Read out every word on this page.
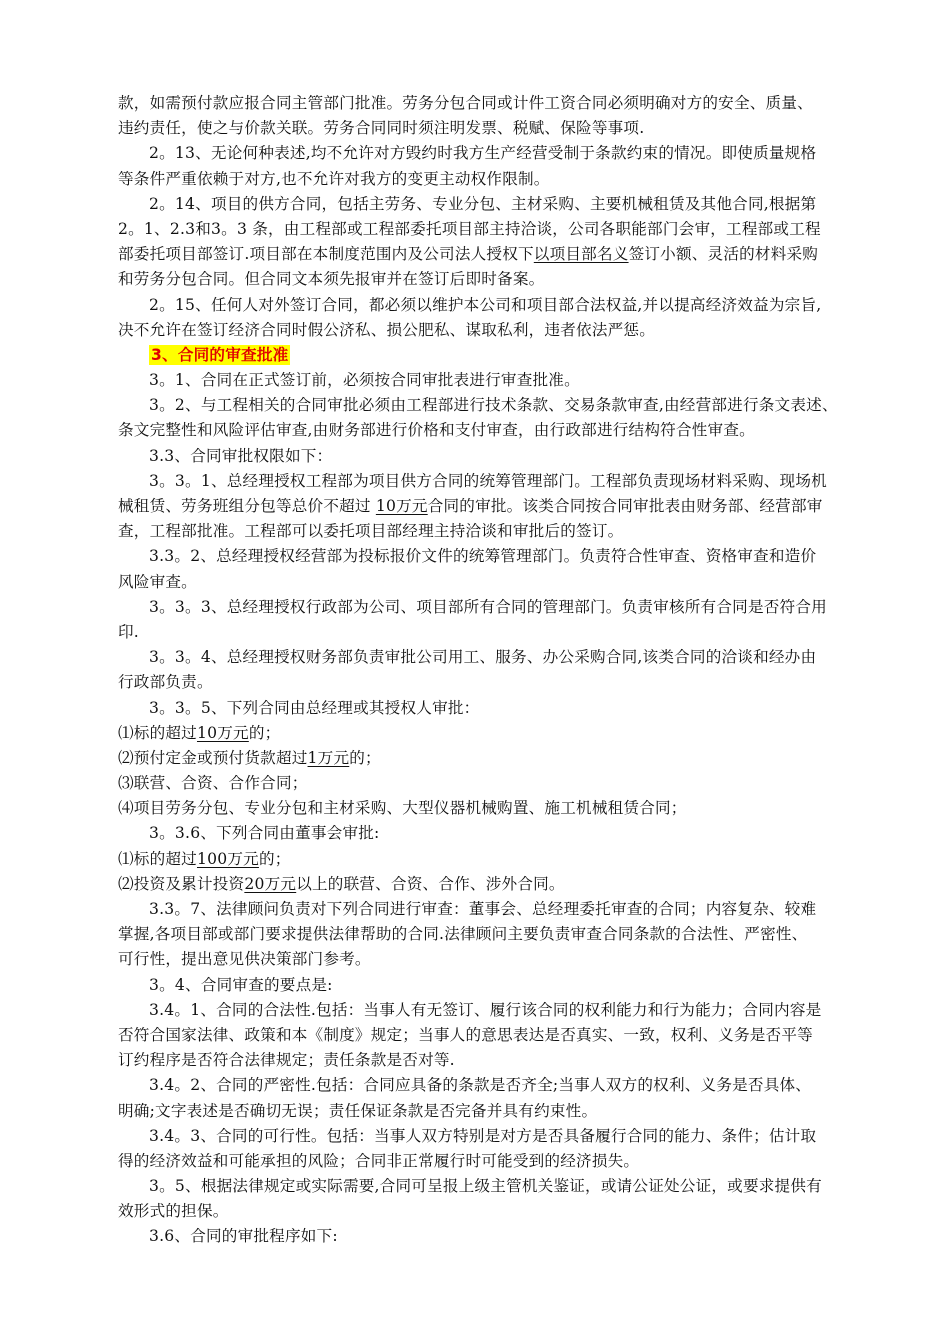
款，如需预付款应报合同主管部门批准。劳务分包合同或计件工资合同必须明确对方的安全、质量、
违约责任，使之与价款关联。劳务合同同时须注明发票、税赋、保险等事项.
2。13、无论何种表述,均不允许对方毁约时我方生产经营受制于条款约束的情况。即使质量规格
等条件严重依赖于对方,也不允许对我方的变更主动权作限制。
2。14、项目的供方合同，包括主劳务、专业分包、主材采购、主要机械租赁及其他合同,根据第
2。1、2.3和3。3 条，由工程部或工程部委托项目部主持洽谈，公司各职能部门会审，工程部或工程
部委托项目部签订.项目部在本制度范围内及公司法人授权下以项目部名义签订小额、灵活的材料采购
和劳务分包合同。但合同文本须先报审并在签订后即时备案。
2。15、任何人对外签订合同，都必须以维护本公司和项目部合法权益,并以提高经济效益为宗旨,
决不允许在签订经济合同时假公济私、损公肥私、谋取私利，违者依法严惩。
3、合同的审查批准
3。1、合同在正式签订前，必须按合同审批表进行审查批准。
3。2、与工程相关的合同审批必须由工程部进行技术条款、交易条款审查,由经营部进行条文表述、
条文完整性和风险评估审查,由财务部进行价格和支付审查，由行政部进行结构符合性审查。
3.3、合同审批权限如下：
3。3。1、总经理授权工程部为项目供方合同的统筹管理部门。工程部负责现场材料采购、现场机
械租赁、劳务班组分包等总价不超过 10万元合同的审批。该类合同按合同审批表由财务部、经营部审
查，工程部批准。工程部可以委托项目部经理主持洽谈和审批后的签订。
3.3。2、总经理授权经营部为投标报价文件的统筹管理部门。负责符合性审查、资格审查和造价
风险审查。
3。3。3、总经理授权行政部为公司、项目部所有合同的管理部门。负责审核所有合同是否符合用
印.
3。3。4、总经理授权财务部负责审批公司用工、服务、办公采购合同,该类合同的洽谈和经办由
行政部负责。
3。3。5、下列合同由总经理或其授权人审批：
⑴标的超过10万元的；
⑵预付定金或预付货款超过1万元的；
⑶联营、合资、合作合同；
⑷项目劳务分包、专业分包和主材采购、大型仪器机械购置、施工机械租赁合同；
3。3.6、下列合同由董事会审批:
⑴标的超过100万元的；
⑵投资及累计投资20万元以上的联营、合资、合作、涉外合同。
3.3。7、法律顾问负责对下列合同进行审查：董事会、总经理委托审查的合同；内容复杂、较难
掌握,各项目部或部门要求提供法律帮助的合同.法律顾问主要负责审查合同条款的合法性、严密性、
可行性，提出意见供决策部门参考。
3。4、合同审查的要点是:
3.4。1、合同的合法性.包括：当事人有无签订、履行该合同的权利能力和行为能力；合同内容是
否符合国家法律、政策和本《制度》规定；当事人的意思表达是否真实、一致，权利、义务是否平等
订约程序是否符合法律规定；责任条款是否对等.
3.4。2、合同的严密性.包括：合同应具备的条款是否齐全;当事人双方的权利、义务是否具体、
明确;文字表述是否确切无误；责任保证条款是否完备并具有约束性。
3.4。3、合同的可行性。包括：当事人双方特别是对方是否具备履行合同的能力、条件；估计取
得的经济效益和可能承担的风险；合同非正常履行时可能受到的经济损失。
3。5、根据法律规定或实际需要,合同可呈报上级主管机关鉴证，或请公证处公证，或要求提供有
效形式的担保。
3.6、合同的审批程序如下:
